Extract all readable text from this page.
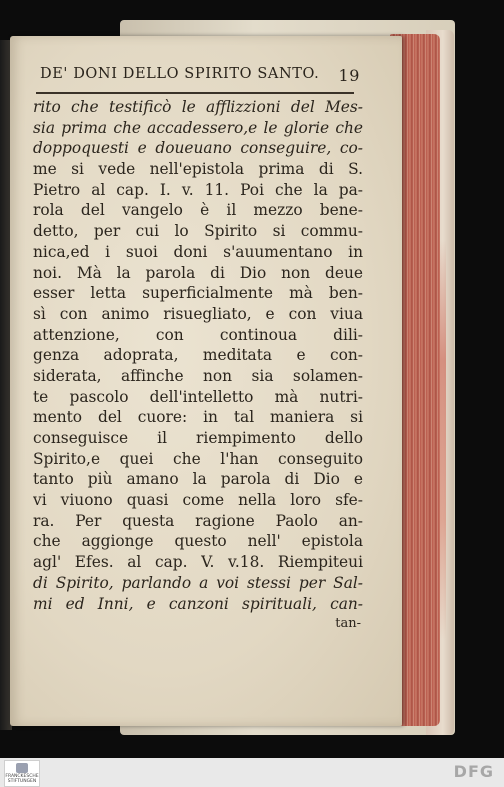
DE' DONI DELLO SPIRITO SANTO. 19
rito che testificò le afflizzioni del Mes-
sia prima che accadessero,e le glorie che
doppoquesti e doueuano conseguire, co-
me si vede nell'epistola prima di S.
Pietro al cap. I. v. 11. Poi che la pa-
rola del vangelo è il mezzo bene-
detto, per cui lo Spirito si commu-
nica,ed i suoi doni s'auumentano in
noi. Mà la parola di Dio non deue
esser letta superficialmente mà ben-
sì con animo risuegliato, e con viua
attenzione, con continoua dili-
genza adoprata, meditata e con-
siderata, affinche non sia solamen-
te pascolo dell'intelletto mà nutri-
mento del cuore: in tal maniera si
conseguisce il riempimento dello
Spirito,e quei che l'han conseguito
tanto più amano la parola di Dio e
vi viuono quasi come nella loro sfe-
ra. Per questa ragione Paolo an-
che aggionge questo nell' epistola
agl' Efes. al cap. V. v.18. Riempiteui
di Spirito, parlando a voi stessi per Sal-
mi ed Inni, e canzoni spirituali, can-
tan-
FRANCKESCHE STIFTUNGEN
DFG
